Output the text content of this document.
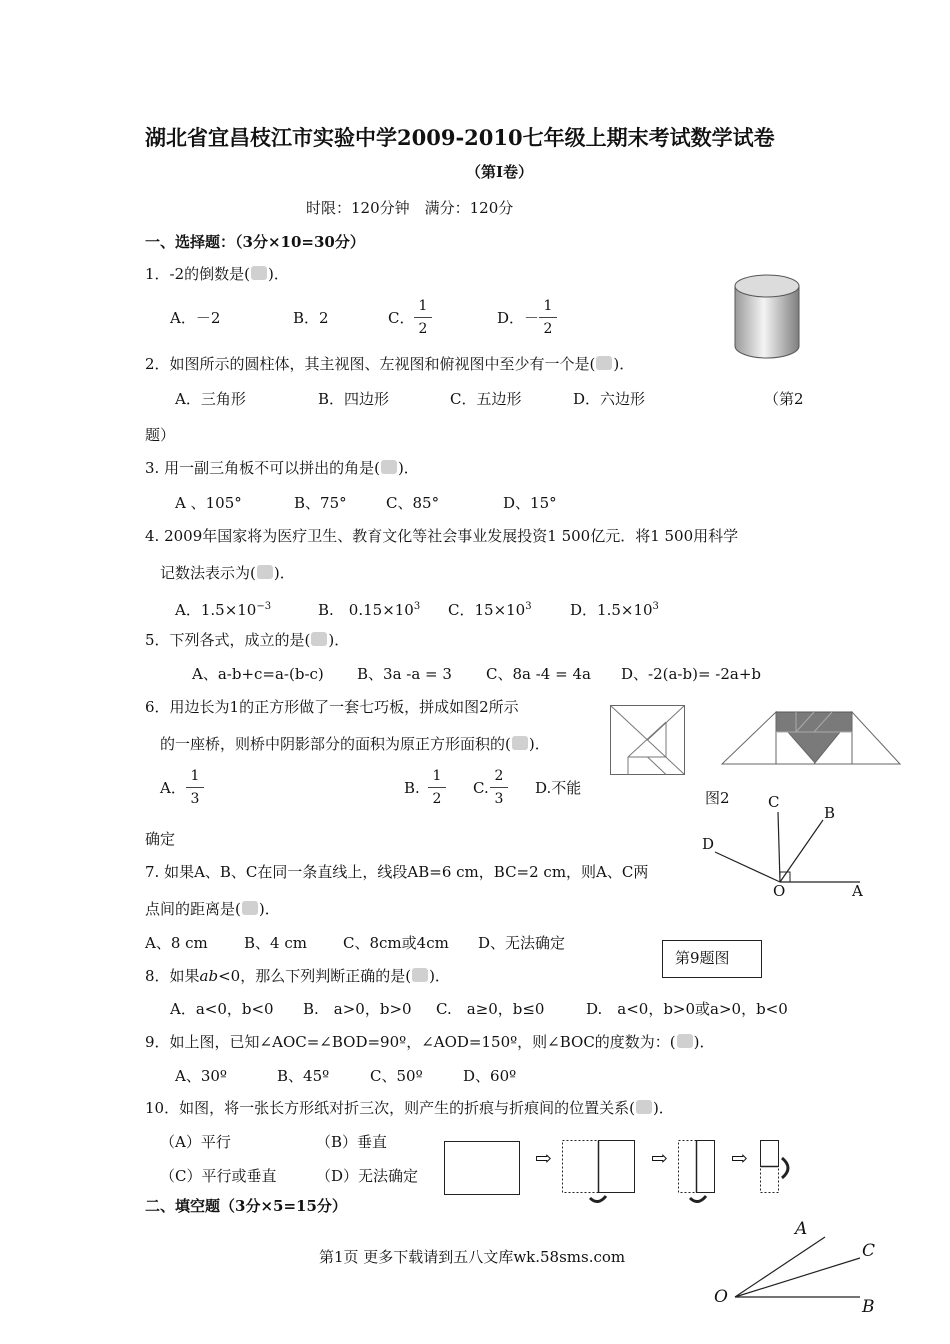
湖北省宜昌枝江市实验中学2009-2010七年级上期末考试数学试卷
（第Ⅰ卷）
时限：120分钟　满分：120分
一、选择题：（3分×10=30分）
1．-2的倒数是( )．
A．－2	B．2	C．
1
2
D．－
1
2
2．如图所示的圆柱体，其主视图、左视图和俯视图中至少有一个是( )．
A．三角形	B．四边形	C．五边形	D．六边形	（第2
题）
3. 用一副三角板不可以拼出的角是( )．
A 、105°	B、75°	C、85°	D、15°
4. 2009年国家将为医疗卫生、教育文化等社会事业发展投资1 500亿元．将1 500用科学
记数法表示为( )．
A．$1.5\times 10^{-3}$	B.　$0.15\times 10^3$ C．$15\times 10^3$	D．$1.5\times 10^3$
5．下列各式，成立的是( )．
A、a-b+c=a-(b-c) B、3a -a = 3 C、8a -4 = 4a D、-2(a-b)= -2a+b
6．用边长为1的正方形做了一套七巧板，拼成如图2所示
的一座桥，则桥中阴影部分的面积为原正方形面积的( )．
A．
1
3
B.
1
2
C.
2
3
D.不能
确定
图2	C
B
D
O	A
7. 如果A、B、C在同一条直线上，线段AB=6 cm，BC=2 cm，则A、C两
点间的距离是( )．
A、8 cm B、4 cm C、8cm或4cm D、无法确定
第9题图
8．如果ab<0，那么下列判断正确的是( )．
A．a<0，b<0 B.　a>0，b>0 C.　a≥0，b≤0	D.　a<0，b>0或a>0，b<0
9．如上图，已知∠AOC=∠BOD=90º，∠AOD=150º，则∠BOC的度数为：( )．
A、30º	B、45º	C、50º	D、60º
10．如图，将一张长方形纸对折三次，则产生的折痕与折痕间的位置关系( )．
（A）平行	（B）垂直
（C）平行或垂直	（D）无法确定
⇨	⇨	⇨
二、填空题（3分×5=15分）
第1页 更多下载请到五八文库wk.58sms.com
A
C
O	B
